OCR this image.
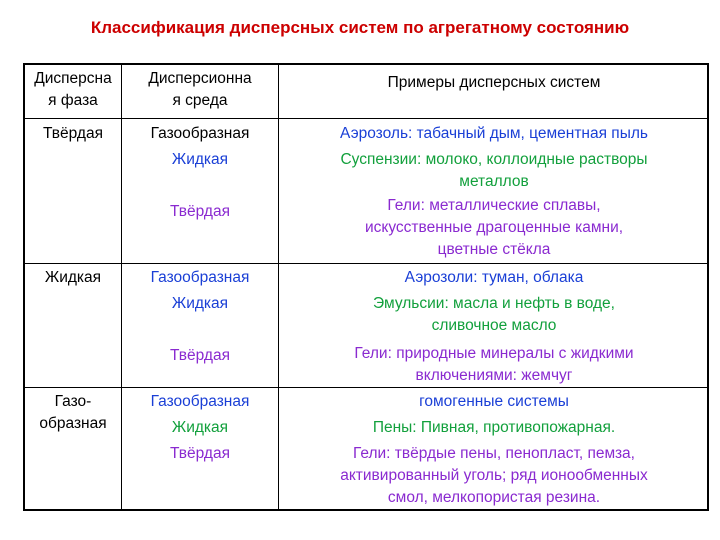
Классификация дисперсных систем по агрегатному состоянию
Дисперсна
я фаза
Дисперсионна
я среда
Примеры дисперсных систем
Твёрдая	Газообразная
Жидкая
Твёрдая
Аэрозоль: табачный дым, цементная пыль
Суспензии: молоко, коллоидные растворы
металлов
Гели: металлические сплавы,
искусственные драгоценные камни,
цветные стёкла
Жидкая	Газообразная
Жидкая
Твёрдая
Аэрозоли: туман, облака
Эмульсии: масла и нефть в воде,
сливочное масло
Гели: природные минералы с жидкими
включениями: жемчуг
Газо-
образная
Газообразная
Жидкая
Твёрдая
гомогенные системы
Пены: Пивная, противопожарная.
Гели: твёрдые пены, пенопласт, пемза,
активированный уголь; ряд ионообменных
смол, мелкопористая резина.
